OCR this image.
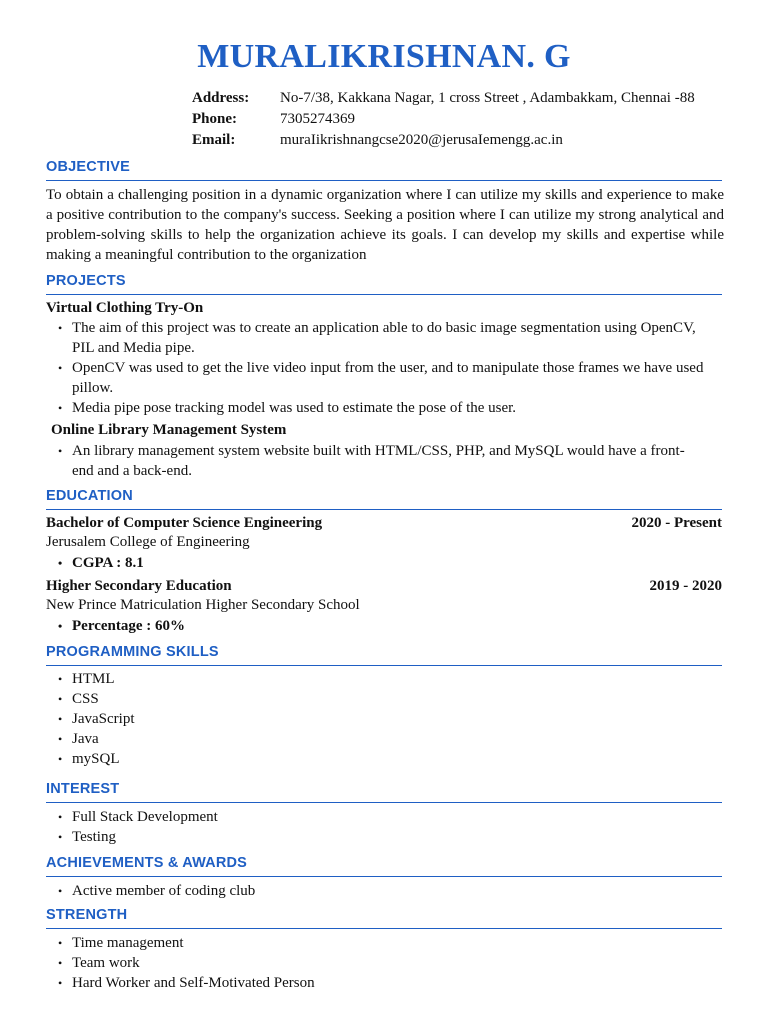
MURALIKRISHNAN. G
Address:	No-7/38, Kakkana Nagar, 1 cross Street , Adambakkam, Chennai -88
Phone:	7305274369
Email:	muraIikrishnangcse2020@jerusaIemengg.ac.in
OBJECTIVE
To obtain a challenging position in a dynamic organization where I can utilize my skills and experience to make a positive contribution to the company's success. Seeking a position where I can utilize my strong analytical and problem-solving skills to help the organization achieve its goals. I can develop my skills and expertise while making a meaningful contribution to the organization
PROJECTS
Virtual Clothing Try-On
• The aim of this project was to create an application able to do basic image segmentation using OpenCV, PIL and Media pipe.
• OpenCV was used to get the live video input from the user, and to manipulate those frames we have used pillow.
• Media pipe pose tracking model was used to estimate the pose of the user.
Online Library Management System
• An library management system website built with HTML/CSS, PHP, and MySQL would have a front-end and a back-end.
EDUCATION
Bachelor of Computer Science Engineering	2020 - Present
Jerusalem College of Engineering
• CGPA : 8.1
Higher Secondary Education	2019 - 2020
New Prince Matriculation Higher Secondary School
• Percentage : 60%
PROGRAMMING SKILLS
• HTML
• CSS
• JavaScript
• Java
• mySQL
INTEREST
• Full Stack Development
• Testing
ACHIEVEMENTS & AWARDS
• Active member of coding club
STRENGTH
• Time management
• Team work
• Hard Worker and Self-Motivated Person
